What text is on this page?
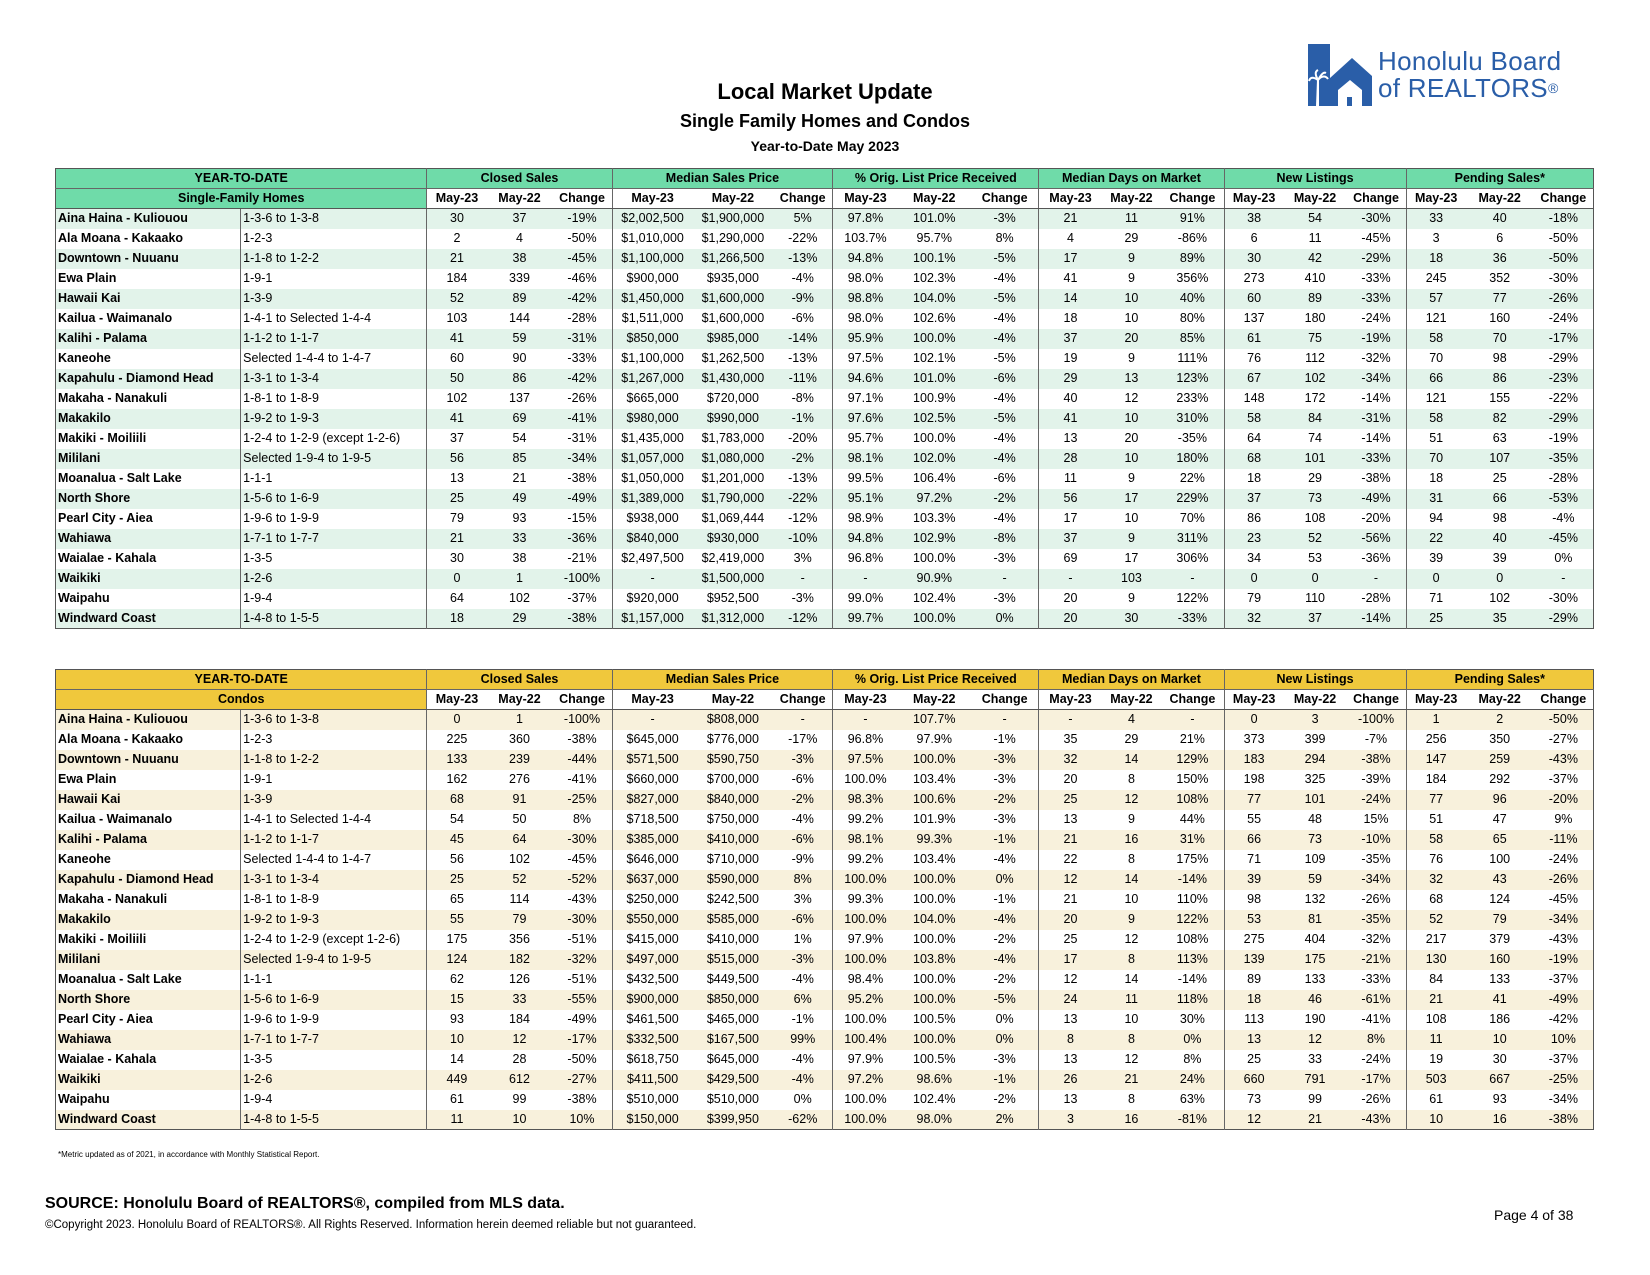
Local Market Update
Single Family Homes and Condos
Year-to-Date May 2023
Honolulu Board
of REALTORS®
YEAR-TO-DATE		Closed Sales			Median Sales Price			% Orig. List Price Received			Median Days on Market			New Listings			Pending Sales*		
Single-Family Homes		May-23	May-22	Change	May-23	May-22	Change	May-23	May-22	Change	May-23	May-22	Change	May-23	May-22	Change	May-23	May-22	Change
Aina Haina - Kuliouou	1-3-6 to 1-3-8	30	37	-19%	$2,002,500	$1,900,000	5%	97.8%	101.0%	-3%	21	11	91%	38	54	-30%	33	40	-18%
Ala Moana - Kakaako	1-2-3	2	4	-50%	$1,010,000	$1,290,000	-22%	103.7%	95.7%	8%	4	29	-86%	6	11	-45%	3	6	-50%
Downtown - Nuuanu	1-1-8 to 1-2-2	21	38	-45%	$1,100,000	$1,266,500	-13%	94.8%	100.1%	-5%	17	9	89%	30	42	-29%	18	36	-50%
Ewa Plain	1-9-1	184	339	-46%	$900,000	$935,000	-4%	98.0%	102.3%	-4%	41	9	356%	273	410	-33%	245	352	-30%
Hawaii Kai	1-3-9	52	89	-42%	$1,450,000	$1,600,000	-9%	98.8%	104.0%	-5%	14	10	40%	60	89	-33%	57	77	-26%
Kailua - Waimanalo	1-4-1 to Selected 1-4-4	103	144	-28%	$1,511,000	$1,600,000	-6%	98.0%	102.6%	-4%	18	10	80%	137	180	-24%	121	160	-24%
Kalihi - Palama	1-1-2 to 1-1-7	41	59	-31%	$850,000	$985,000	-14%	95.9%	100.0%	-4%	37	20	85%	61	75	-19%	58	70	-17%
Kaneohe	Selected 1-4-4 to 1-4-7	60	90	-33%	$1,100,000	$1,262,500	-13%	97.5%	102.1%	-5%	19	9	111%	76	112	-32%	70	98	-29%
Kapahulu - Diamond Head	1-3-1 to 1-3-4	50	86	-42%	$1,267,000	$1,430,000	-11%	94.6%	101.0%	-6%	29	13	123%	67	102	-34%	66	86	-23%
Makaha - Nanakuli	1-8-1 to 1-8-9	102	137	-26%	$665,000	$720,000	-8%	97.1%	100.9%	-4%	40	12	233%	148	172	-14%	121	155	-22%
Makakilo	1-9-2 to 1-9-3	41	69	-41%	$980,000	$990,000	-1%	97.6%	102.5%	-5%	41	10	310%	58	84	-31%	58	82	-29%
Makiki - Moiliili	1-2-4 to 1-2-9 (except 1-2-6)	37	54	-31%	$1,435,000	$1,783,000	-20%	95.7%	100.0%	-4%	13	20	-35%	64	74	-14%	51	63	-19%
Mililani	Selected 1-9-4 to 1-9-5	56	85	-34%	$1,057,000	$1,080,000	-2%	98.1%	102.0%	-4%	28	10	180%	68	101	-33%	70	107	-35%
Moanalua - Salt Lake	1-1-1	13	21	-38%	$1,050,000	$1,201,000	-13%	99.5%	106.4%	-6%	11	9	22%	18	29	-38%	18	25	-28%
North Shore	1-5-6 to 1-6-9	25	49	-49%	$1,389,000	$1,790,000	-22%	95.1%	97.2%	-2%	56	17	229%	37	73	-49%	31	66	-53%
Pearl City - Aiea	1-9-6 to 1-9-9	79	93	-15%	$938,000	$1,069,444	-12%	98.9%	103.3%	-4%	17	10	70%	86	108	-20%	94	98	-4%
Wahiawa	1-7-1 to 1-7-7	21	33	-36%	$840,000	$930,000	-10%	94.8%	102.9%	-8%	37	9	311%	23	52	-56%	22	40	-45%
Waialae - Kahala	1-3-5	30	38	-21%	$2,497,500	$2,419,000	3%	96.8%	100.0%	-3%	69	17	306%	34	53	-36%	39	39	0%
Waikiki	1-2-6	0	1	-100%	-	$1,500,000	-	-	90.9%	-	-	103	-	0	0	-	0	0	-
Waipahu	1-9-4	64	102	-37%	$920,000	$952,500	-3%	99.0%	102.4%	-3%	20	9	122%	79	110	-28%	71	102	-30%
Windward Coast	1-4-8 to 1-5-5	18	29	-38%	$1,157,000	$1,312,000	-12%	99.7%	100.0%	0%	20	30	-33%	32	37	-14%	25	35	-29%
YEAR-TO-DATE		Closed Sales			Median Sales Price			% Orig. List Price Received			Median Days on Market			New Listings			Pending Sales*		
Condos		May-23	May-22	Change	May-23	May-22	Change	May-23	May-22	Change	May-23	May-22	Change	May-23	May-22	Change	May-23	May-22	Change
Aina Haina - Kuliouou	1-3-6 to 1-3-8	0	1	-100%	-	$808,000	-	-	107.7%	-	-	4	-	0	3	-100%	1	2	-50%
Ala Moana - Kakaako	1-2-3	225	360	-38%	$645,000	$776,000	-17%	96.8%	97.9%	-1%	35	29	21%	373	399	-7%	256	350	-27%
Downtown - Nuuanu	1-1-8 to 1-2-2	133	239	-44%	$571,500	$590,750	-3%	97.5%	100.0%	-3%	32	14	129%	183	294	-38%	147	259	-43%
Ewa Plain	1-9-1	162	276	-41%	$660,000	$700,000	-6%	100.0%	103.4%	-3%	20	8	150%	198	325	-39%	184	292	-37%
Hawaii Kai	1-3-9	68	91	-25%	$827,000	$840,000	-2%	98.3%	100.6%	-2%	25	12	108%	77	101	-24%	77	96	-20%
Kailua - Waimanalo	1-4-1 to Selected 1-4-4	54	50	8%	$718,500	$750,000	-4%	99.2%	101.9%	-3%	13	9	44%	55	48	15%	51	47	9%
Kalihi - Palama	1-1-2 to 1-1-7	45	64	-30%	$385,000	$410,000	-6%	98.1%	99.3%	-1%	21	16	31%	66	73	-10%	58	65	-11%
Kaneohe	Selected 1-4-4 to 1-4-7	56	102	-45%	$646,000	$710,000	-9%	99.2%	103.4%	-4%	22	8	175%	71	109	-35%	76	100	-24%
Kapahulu - Diamond Head	1-3-1 to 1-3-4	25	52	-52%	$637,000	$590,000	8%	100.0%	100.0%	0%	12	14	-14%	39	59	-34%	32	43	-26%
Makaha - Nanakuli	1-8-1 to 1-8-9	65	114	-43%	$250,000	$242,500	3%	99.3%	100.0%	-1%	21	10	110%	98	132	-26%	68	124	-45%
Makakilo	1-9-2 to 1-9-3	55	79	-30%	$550,000	$585,000	-6%	100.0%	104.0%	-4%	20	9	122%	53	81	-35%	52	79	-34%
Makiki - Moiliili	1-2-4 to 1-2-9 (except 1-2-6)	175	356	-51%	$415,000	$410,000	1%	97.9%	100.0%	-2%	25	12	108%	275	404	-32%	217	379	-43%
Mililani	Selected 1-9-4 to 1-9-5	124	182	-32%	$497,000	$515,000	-3%	100.0%	103.8%	-4%	17	8	113%	139	175	-21%	130	160	-19%
Moanalua - Salt Lake	1-1-1	62	126	-51%	$432,500	$449,500	-4%	98.4%	100.0%	-2%	12	14	-14%	89	133	-33%	84	133	-37%
North Shore	1-5-6 to 1-6-9	15	33	-55%	$900,000	$850,000	6%	95.2%	100.0%	-5%	24	11	118%	18	46	-61%	21	41	-49%
Pearl City - Aiea	1-9-6 to 1-9-9	93	184	-49%	$461,500	$465,000	-1%	100.0%	100.5%	0%	13	10	30%	113	190	-41%	108	186	-42%
Wahiawa	1-7-1 to 1-7-7	10	12	-17%	$332,500	$167,500	99%	100.4%	100.0%	0%	8	8	0%	13	12	8%	11	10	10%
Waialae - Kahala	1-3-5	14	28	-50%	$618,750	$645,000	-4%	97.9%	100.5%	-3%	13	12	8%	25	33	-24%	19	30	-37%
Waikiki	1-2-6	449	612	-27%	$411,500	$429,500	-4%	97.2%	98.6%	-1%	26	21	24%	660	791	-17%	503	667	-25%
Waipahu	1-9-4	61	99	-38%	$510,000	$510,000	0%	100.0%	102.4%	-2%	13	8	63%	73	99	-26%	61	93	-34%
Windward Coast	1-4-8 to 1-5-5	11	10	10%	$150,000	$399,950	-62%	100.0%	98.0%	2%	3	16	-81%	12	21	-43%	10	16	-38%
*Metric updated as of 2021, in accordance with Monthly Statistical Report.
SOURCE: Honolulu Board of REALTORS®, compiled from MLS data.
©Copyright 2023. Honolulu Board of REALTORS®. All Rights Reserved. Information herein deemed reliable but not guaranteed.
Page 4 of 38
